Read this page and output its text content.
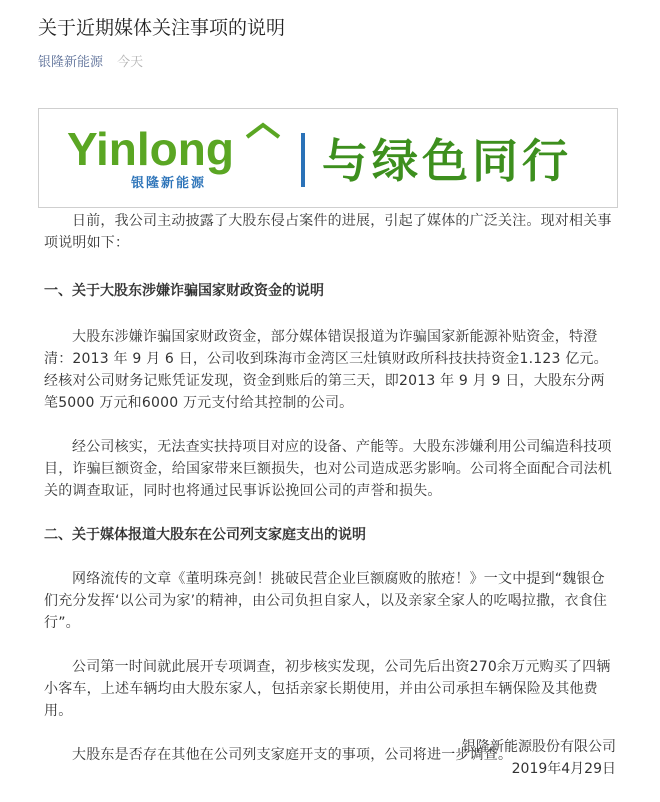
关于近期媒体关注事项的说明
银隆新能源 今天
Yinlong
银隆新能源	与绿色同行

日前，我公司主动披露了大股东侵占案件的进展，引起了媒体的广泛关注。现对相关事项说明如下：

一、关于大股东涉嫌诈骗国家财政资金的说明

大股东涉嫌诈骗国家财政资金，部分媒体错误报道为诈骗国家新能源补贴资金，特澄清：2013 年 9 月 6 日，公司收到珠海市金湾区三灶镇财政所科技扶持资金1.123 亿元。经核对公司财务记账凭证发现，资金到账后的第三天，即2013 年 9 月 9 日，大股东分两笔5000 万元和6000 万元支付给其控制的公司。

经公司核实，无法查实扶持项目对应的设备、产能等。大股东涉嫌利用公司编造科技项目，诈骗巨额资金，给国家带来巨额损失，也对公司造成恶劣影响。公司将全面配合司法机关的调查取证，同时也将通过民事诉讼挽回公司的声誉和损失。

二、关于媒体报道大股东在公司列支家庭支出的说明

网络流传的文章《董明珠亮剑！挑破民营企业巨额腐败的脓疮！》一文中提到“魏银仓们充分发挥‘以公司为家’的精神，由公司负担自家人，以及亲家全家人的吃喝拉撒，衣食住行”。

公司第一时间就此展开专项调查，初步核实发现，公司先后出资270余万元购买了四辆小客车，上述车辆均由大股东家人，包括亲家长期使用，并由公司承担车辆保险及其他费用。

大股东是否存在其他在公司列支家庭开支的事项，公司将进一步调查。

银隆新能源股份有限公司
2019年4月29日
